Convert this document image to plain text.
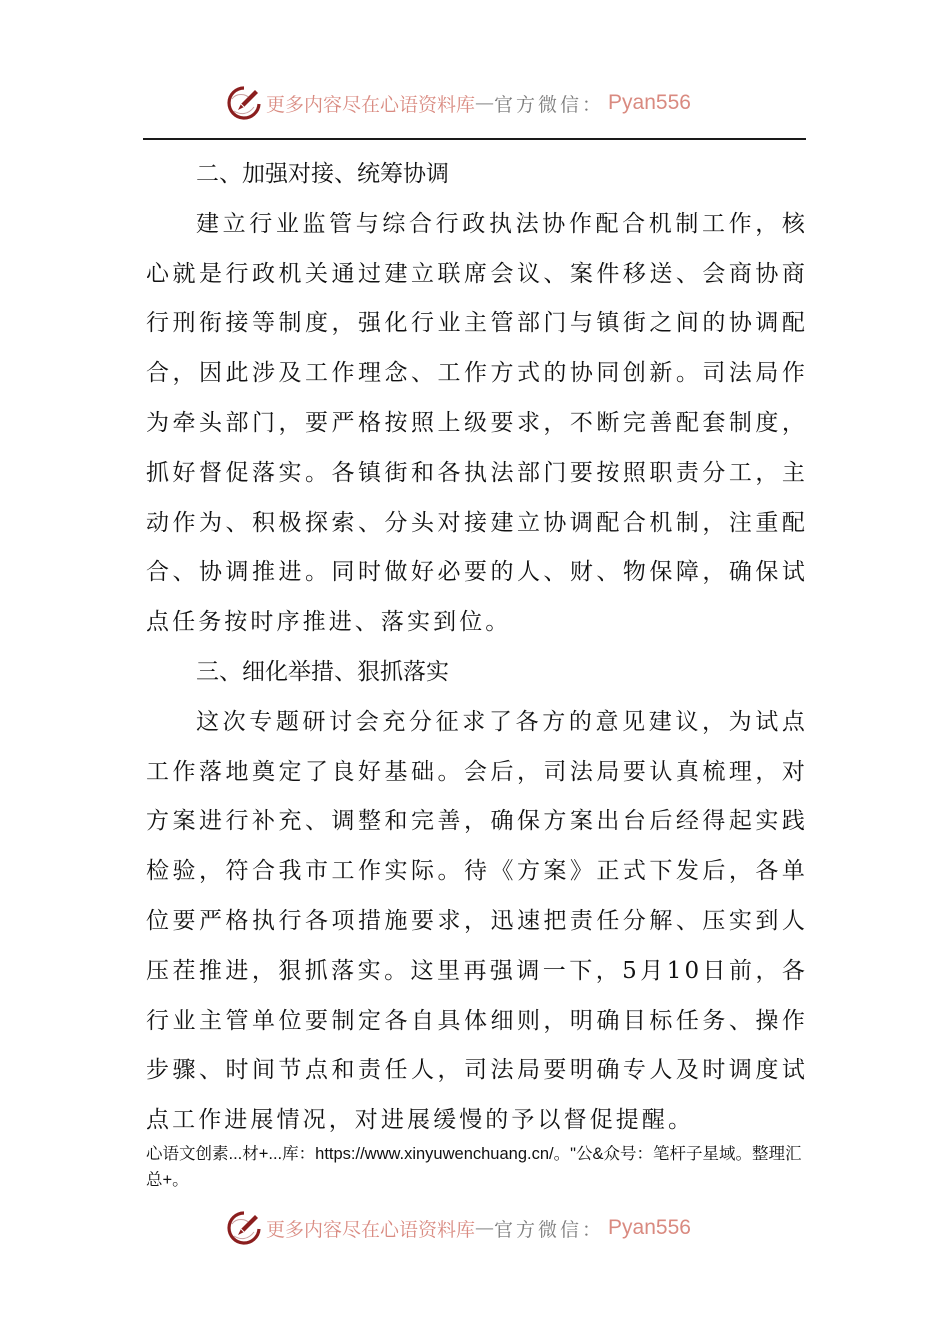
更多内容尽在心语资料库 — 官方微信： Pyan556
二、加强对接、统筹协调

建立行业监管与综合行政执法协作配合机制工作，核心就是行政机关通过建立联席会议、案件移送、会商协商行刑衔接等制度，强化行业主管部门与镇街之间的协调配合，因此涉及工作理念、工作方式的协同创新。司法局作为牵头部门，要严格按照上级要求，不断完善配套制度，抓好督促落实。各镇街和各执法部门要按照职责分工，主动作为、积极探索、分头对接建立协调配合机制，注重配合、协调推进。同时做好必要的人、财、物保障，确保试点任务按时序推进、落实到位。

三、细化举措、狠抓落实

这次专题研讨会充分征求了各方的意见建议，为试点工作落地奠定了良好基础。会后，司法局要认真梳理，对方案进行补充、调整和完善，确保方案出台后经得起实践检验，符合我市工作实际。待《方案》正式下发后，各单位要严格执行各项措施要求，迅速把责任分解、压实到人压茬推进，狠抓落实。这里再强调一下，5月10日前，各行业主管单位要制定各自具体细则，明确目标任务、操作步骤、时间节点和责任人，司法局要明确专人及时调度试点工作进展情况，对进展缓慢的予以督促提醒。

心语文创素...材+...库：https://www.xinyuwenchuang.cn/。"公&众号：笔杆子星域。整理汇总+。
更多内容尽在心语资料库 — 官方微信： Pyan556
